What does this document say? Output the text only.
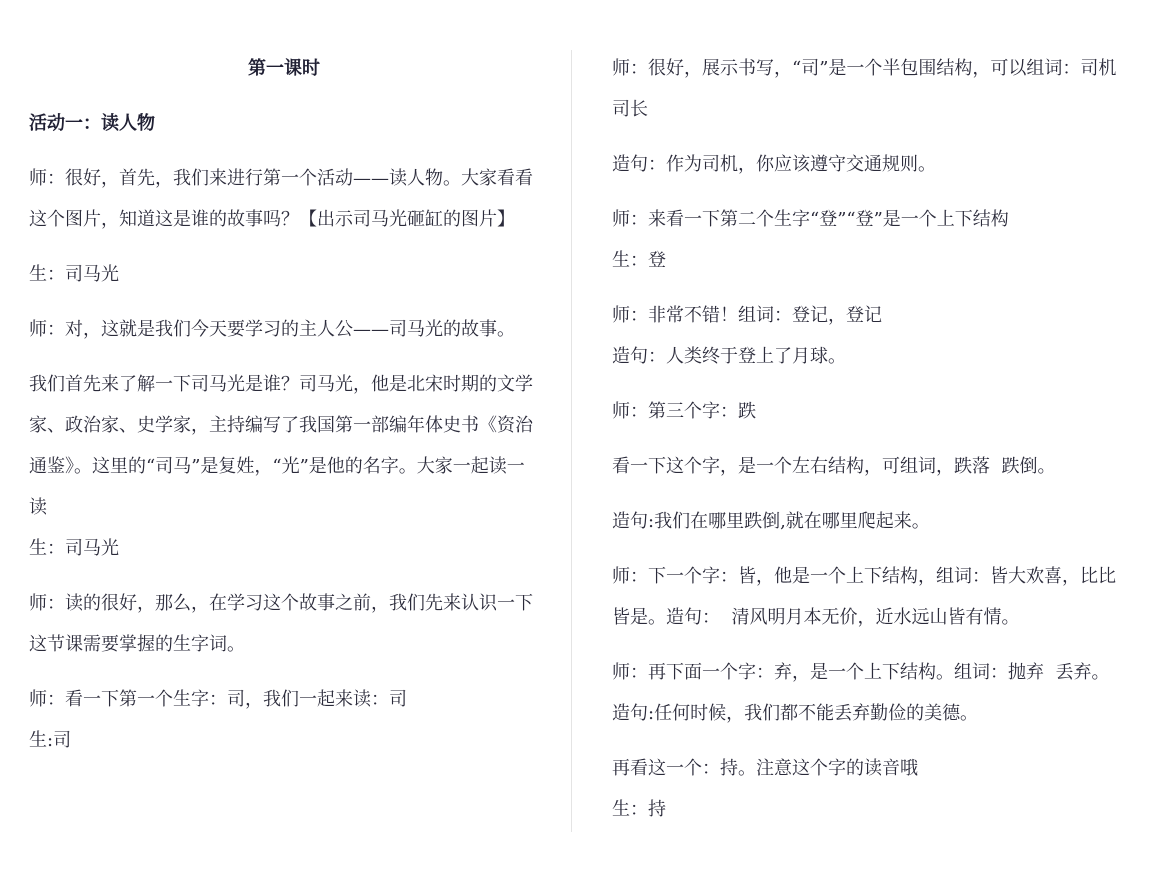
第一课时
活动一：读人物

师：很好，首先，我们来进行第一个活动——读人物。大家看看这个图片，知道这是谁的故事吗？【出示司马光砸缸的图片】

生：司马光

师：对，这就是我们今天要学习的主人公——司马光的故事。

我们首先来了解一下司马光是谁？司马光，他是北宋时期的文学家、政治家、史学家，主持编写了我国第一部编年体史书《资治通鉴》。这里的“司马”是复姓，“光”是他的名字。大家一起读一读

生：司马光

师：读的很好，那么，在学习这个故事之前，我们先来认识一下这节课需要掌握的生字词。

师：看一下第一个生字：司，我们一起来读：司

生:司

师：很好，展示书写，“司”是一个半包围结构，可以组词：司机  司长

造句：作为司机，你应该遵守交通规则。

师：来看一下第二个生字“登”“登”是一个上下结构

生：登

师：非常不错！组词：登记，登记

造句：人类终于登上了月球。

师：第三个字：跌

看一下这个字，是一个左右结构，可组词，跌落  跌倒。

造句:我们在哪里跌倒,就在哪里爬起来。

师：下一个字：皆，他是一个上下结构，组词：皆大欢喜，比比皆是。造句：  清风明月本无价，近水远山皆有情。

师：再下面一个字：弃，是一个上下结构。组词：抛弃  丢弃。

造句:任何时候，我们都不能丢弃勤俭的美德。

再看这一个：持。注意这个字的读音哦

生：持
